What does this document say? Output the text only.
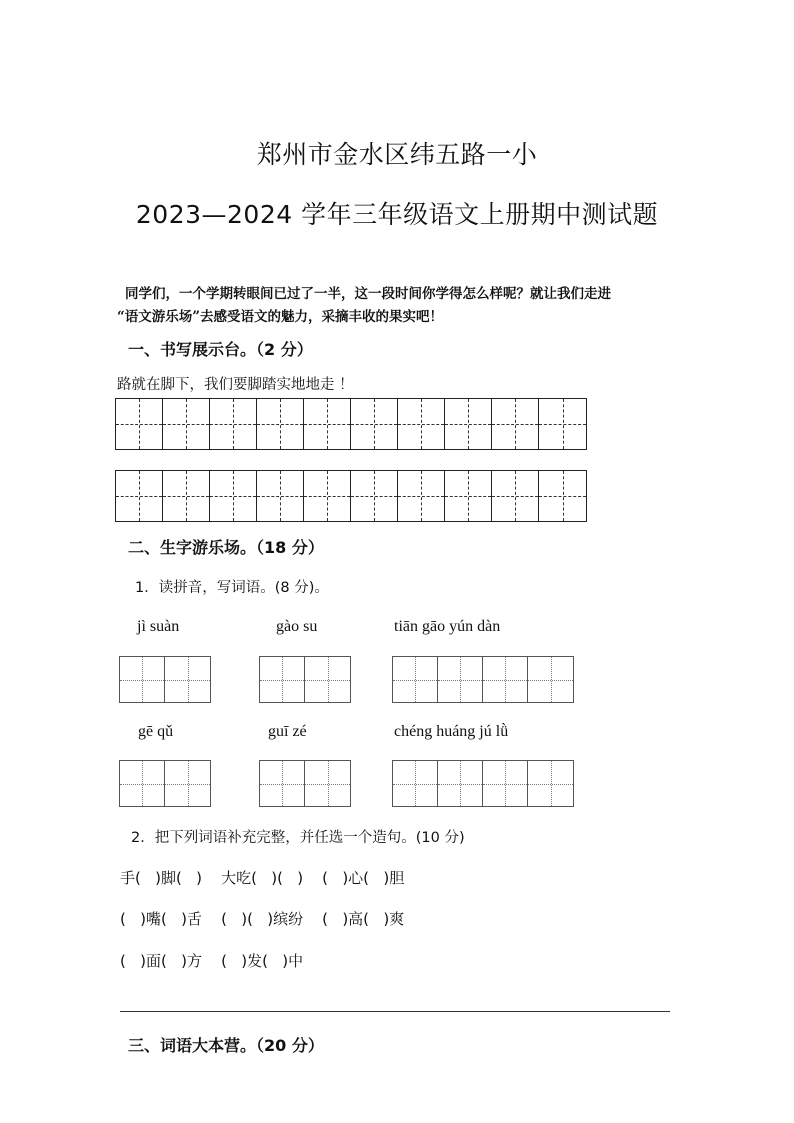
郑州市金水区纬五路一小
2023—2024 学年三年级语文上册期中测试题
同学们，一个学期转眼间已过了一半，这一段时间你学得怎么样呢？就让我们走进
“语文游乐场”去感受语文的魅力，采摘丰收的果实吧！
一、书写展示台。（2 分）
路就在脚下，我们要脚踏实地地走 ！
二、生字游乐场。（18 分）
1．读拼音，写词语。(8 分)。
jì suàn	gào su	tiān gāo yún dàn
gē qǔ	guī zé	chéng huáng jú lǜ
2．把下列词语补充完整，并任选一个造句。(10 分)
手(   )脚(   )    大吃(   )(   )    (   )心(   )胆
(   )嘴(   )舌    (   )(   )缤纷    (   )高(   )爽
(   )面(   )方    (   )发(   )中
三、词语大本营。（20 分）
